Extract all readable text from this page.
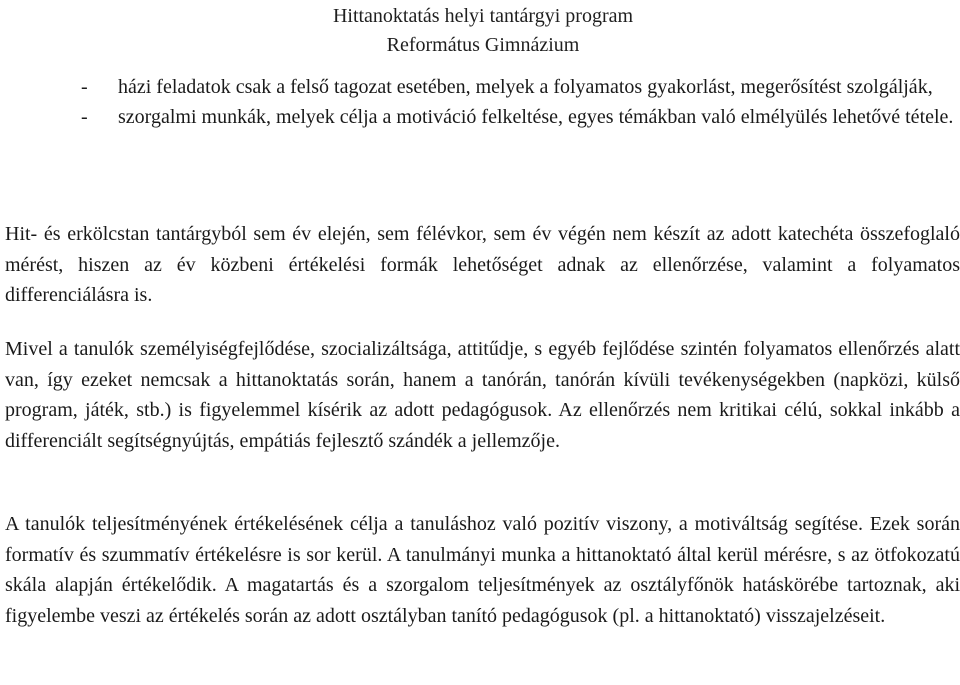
Hittanoktatás helyi tantárgyi program
Református Gimnázium
- házi feladatok csak a felső tagozat esetében, melyek a folyamatos gyakorlást, megerősítést szolgálják,
- szorgalmi munkák, melyek célja a motiváció felkeltése, egyes témákban való elmélyülés lehetővé tétele.
Hit- és erkölcstan tantárgyból sem év elején, sem félévkor, sem év végén nem készít az adott katechéta összefoglaló mérést, hiszen az év közbeni értékelési formák lehetőséget adnak az ellenőrzése, valamint a folyamatos differenciálásra is.
Mivel a tanulók személyiségfejlődése, szocializáltsága, attitűdje, s egyéb fejlődése szintén folyamatos ellenőrzés alatt van, így ezeket nemcsak a hittanoktatás során, hanem a tanórán, tanórán kívüli tevékenységekben (napközi, külső program, játék, stb.) is figyelemmel kísérik az adott pedagógusok. Az ellenőrzés nem kritikai célú, sokkal inkább a differenciált segítségnyújtás, empátiás fejlesztő szándék a jellemzője.
A tanulók teljesítményének értékelésének célja a tanuláshoz való pozitív viszony, a motiváltság segítése. Ezek során formatív és szummatív értékelésre is sor kerül. A tanulmányi munka a hittanoktató által kerül mérésre, s az ötfokozatú skála alapján értékelődik. A magatartás és a szorgalom teljesítmények az osztályfőnök hatáskörébe tartoznak, aki figyelembe veszi az értékelés során az adott osztályban tanító pedagógusok (pl. a hittanoktató) visszajelzéseit.
